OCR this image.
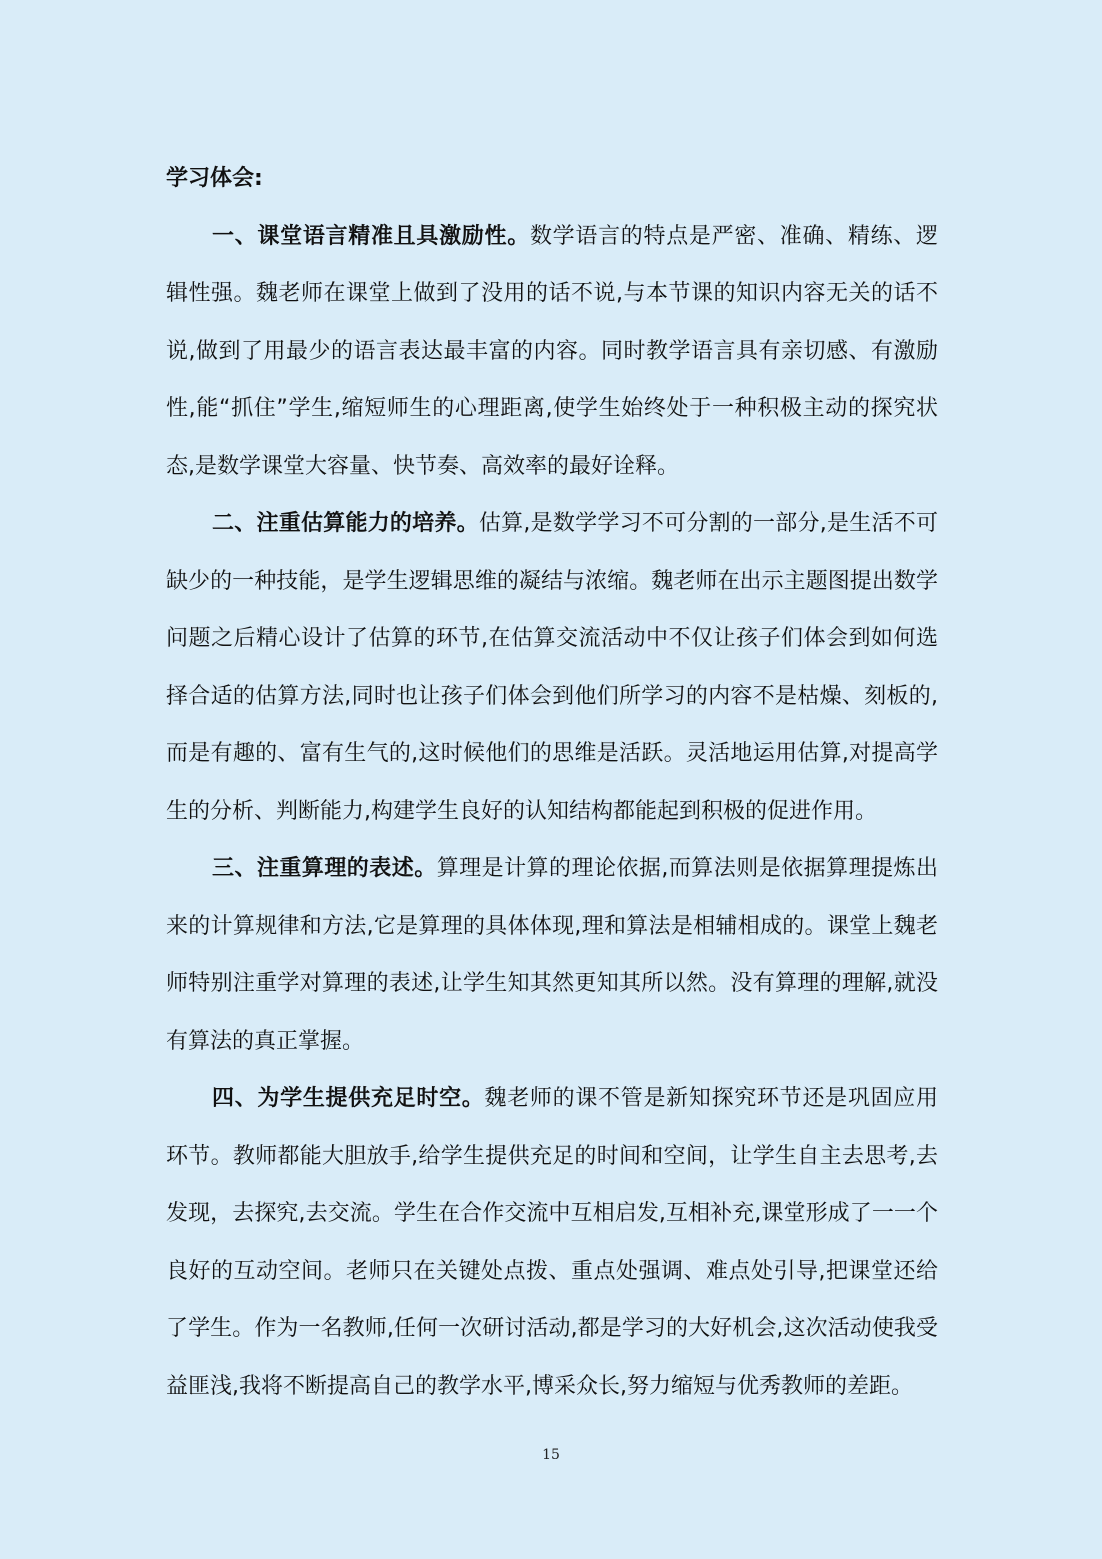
学习体会:

一、课堂语言精准且具激励性。数学语言的特点是严密、准确、精练、逻辑性强。魏老师在课堂上做到了没用的话不说,与本节课的知识内容无关的话不说,做到了用最少的语言表达最丰富的内容。同时教学语言具有亲切感、有激励性,能“抓住”学生,缩短师生的心理距离,使学生始终处于一种积极主动的探究状态,是数学课堂大容量、快节奏、高效率的最好诠释。

二、注重估算能力的培养。估算,是数学学习不可分割的一部分,是生活不可缺少的一种技能，是学生逻辑思维的凝结与浓缩。魏老师在出示主题图提出数学问题之后精心设计了估算的环节,在估算交流活动中不仅让孩子们体会到如何选择合适的估算方法,同时也让孩子们体会到他们所学习的内容不是枯燥、刻板的,而是有趣的、富有生气的,这时候他们的思维是活跃。灵活地运用估算,对提高学生的分析、判断能力,构建学生良好的认知结构都能起到积极的促进作用。

三、注重算理的表述。算理是计算的理论依据,而算法则是依据算理提炼出来的计算规律和方法,它是算理的具体体现,理和算法是相辅相成的。课堂上魏老师特别注重学对算理的表述,让学生知其然更知其所以然。没有算理的理解,就没有算法的真正掌握。

四、为学生提供充足时空。魏老师的课不管是新知探究环节还是巩固应用环节。教师都能大胆放手,给学生提供充足的时间和空间，让学生自主去思考,去发现，去探究,去交流。学生在合作交流中互相启发,互相补充,课堂形成了一一个良好的互动空间。老师只在关键处点拨、重点处强调、难点处引导,把课堂还给了学生。作为一名教师,任何一次研讨活动,都是学习的大好机会,这次活动使我受益匪浅,我将不断提高自己的教学水平,博采众长,努力缩短与优秀教师的差距。

15
